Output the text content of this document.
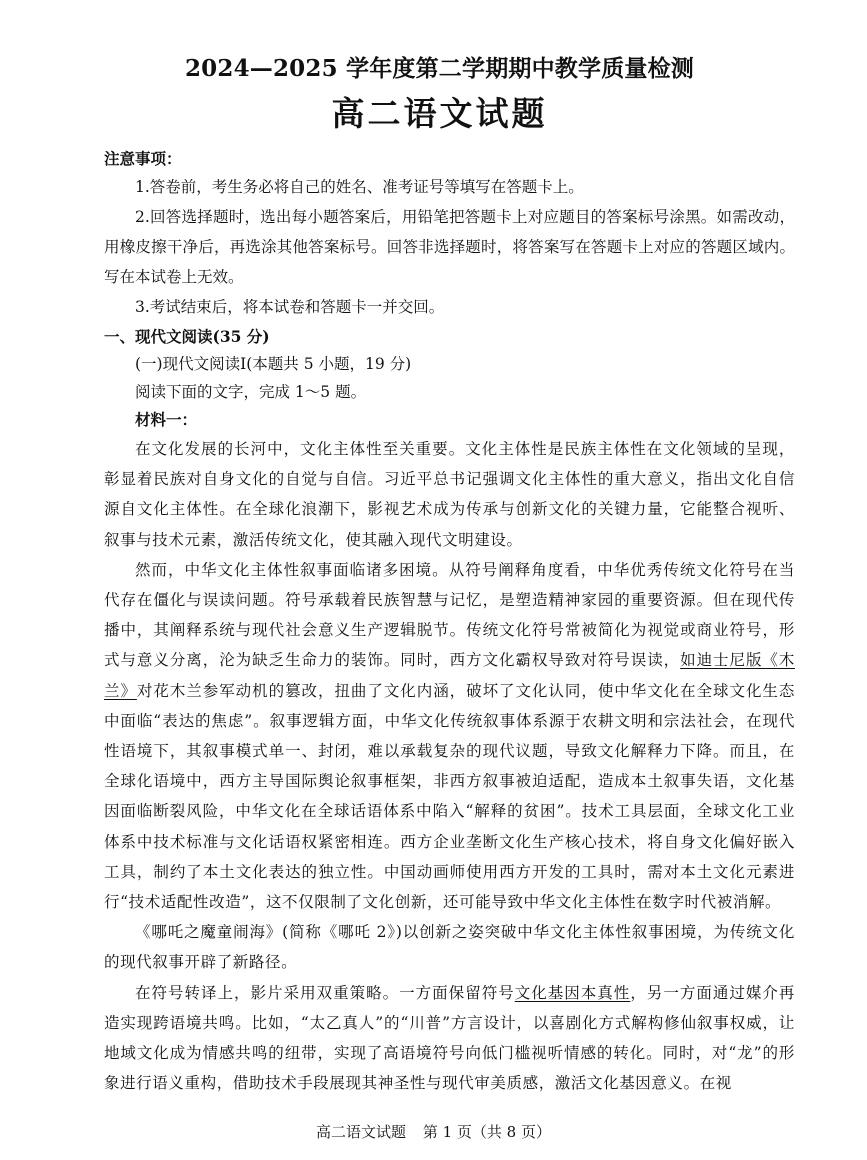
2024—2025 学年度第二学期期中教学质量检测
高二语文试题
注意事项：

1.答卷前，考生务必将自己的姓名、准考证号等填写在答题卡上。

2.回答选择题时，选出每小题答案后，用铅笔把答题卡上对应题目的答案标号涂黑。如需改动，用橡皮擦干净后，再选涂其他答案标号。回答非选择题时，将答案写在答题卡上对应的答题区域内。写在本试卷上无效。

3.考试结束后，将本试卷和答题卡一并交回。

一、现代文阅读(35 分)
(一)现代文阅读Ⅰ(本题共 5 小题，19 分)
阅读下面的文字，完成 1～5 题。
材料一：

在文化发展的长河中，文化主体性至关重要。文化主体性是民族主体性在文化领域的呈现，彰显着民族对自身文化的自觉与自信。习近平总书记强调文化主体性的重大意义，指出文化自信源自文化主体性。在全球化浪潮下，影视艺术成为传承与创新文化的关键力量，它能整合视听、叙事与技术元素，激活传统文化，使其融入现代文明建设。

然而，中华文化主体性叙事面临诸多困境。从符号阐释角度看，中华优秀传统文化符号在当代存在僵化与误读问题。符号承载着民族智慧与记忆，是塑造精神家园的重要资源。但在现代传播中，其阐释系统与现代社会意义生产逻辑脱节。传统文化符号常被简化为视觉或商业符号，形式与意义分离，沦为缺乏生命力的装饰。同时，西方文化霸权导致对符号误读，如迪士尼版《木兰》对花木兰参军动机的篡改，扭曲了文化内涵，破坏了文化认同，使中华文化在全球文化生态中面临“表达的焦虑”。叙事逻辑方面，中华文化传统叙事体系源于农耕文明和宗法社会，在现代性语境下，其叙事模式单一、封闭，难以承载复杂的现代议题，导致文化解释力下降。而且，在全球化语境中，西方主导国际舆论叙事框架，非西方叙事被迫适配，造成本土叙事失语，文化基因面临断裂风险，中华文化在全球话语体系中陷入“解释的贫困”。技术工具层面，全球文化工业体系中技术标准与文化话语权紧密相连。西方企业垄断文化生产核心技术，将自身文化偏好嵌入工具，制约了本土文化表达的独立性。中国动画师使用西方开发的工具时，需对本土文化元素进行“技术适配性改造”，这不仅限制了文化创新，还可能导致中华文化主体性在数字时代被消解。

《哪吒之魔童闹海》(简称《哪吒 2》)以创新之姿突破中华文化主体性叙事困境，为传统文化的现代叙事开辟了新路径。

在符号转译上，影片采用双重策略。一方面保留符号文化基因本真性，另一方面通过媒介再造实现跨语境共鸣。比如，“太乙真人”的“川普”方言设计，以喜剧化方式解构修仙叙事权威，让地域文化成为情感共鸣的纽带，实现了高语境符号向低门槛视听情感的转化。同时，对“龙”的形象进行语义重构，借助技术手段展现其神圣性与现代审美质感，激活文化基因意义。在视

高二语文试题 第 1 页（共 8 页）
